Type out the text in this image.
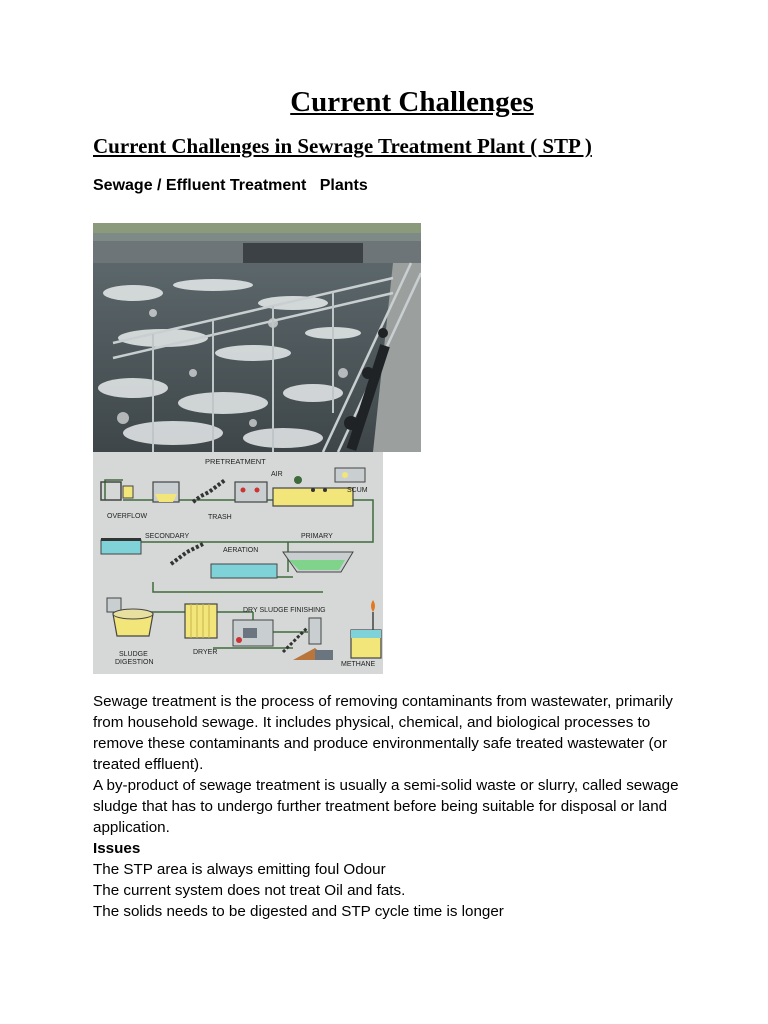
Current Challenges
Current Challenges in Sewrage Treatment Plant ( STP )
Sewage / Effluent Treatment   Plants
PRETREATMENT
AIR
SCUM
OVERFLOW	TRASH
SECONDARY
AERATION
PRIMARY
DRY SLUDGE FINISHING
SLUDGE
DIGESTION
DRYER
METHANE

Sewage treatment is the process of removing contaminants from wastewater, primarily from household sewage. It includes physical, chemical, and biological processes to remove these contaminants and produce environmentally safe treated wastewater (or treated effluent).

A by-product of sewage treatment is usually a semi-solid waste or slurry, called sewage sludge that has to undergo further treatment before being suitable for disposal or land application.

Issues

The STP area is always emitting foul Odour

The current system does not treat Oil and fats.

The solids needs to be digested and STP cycle time is longer
